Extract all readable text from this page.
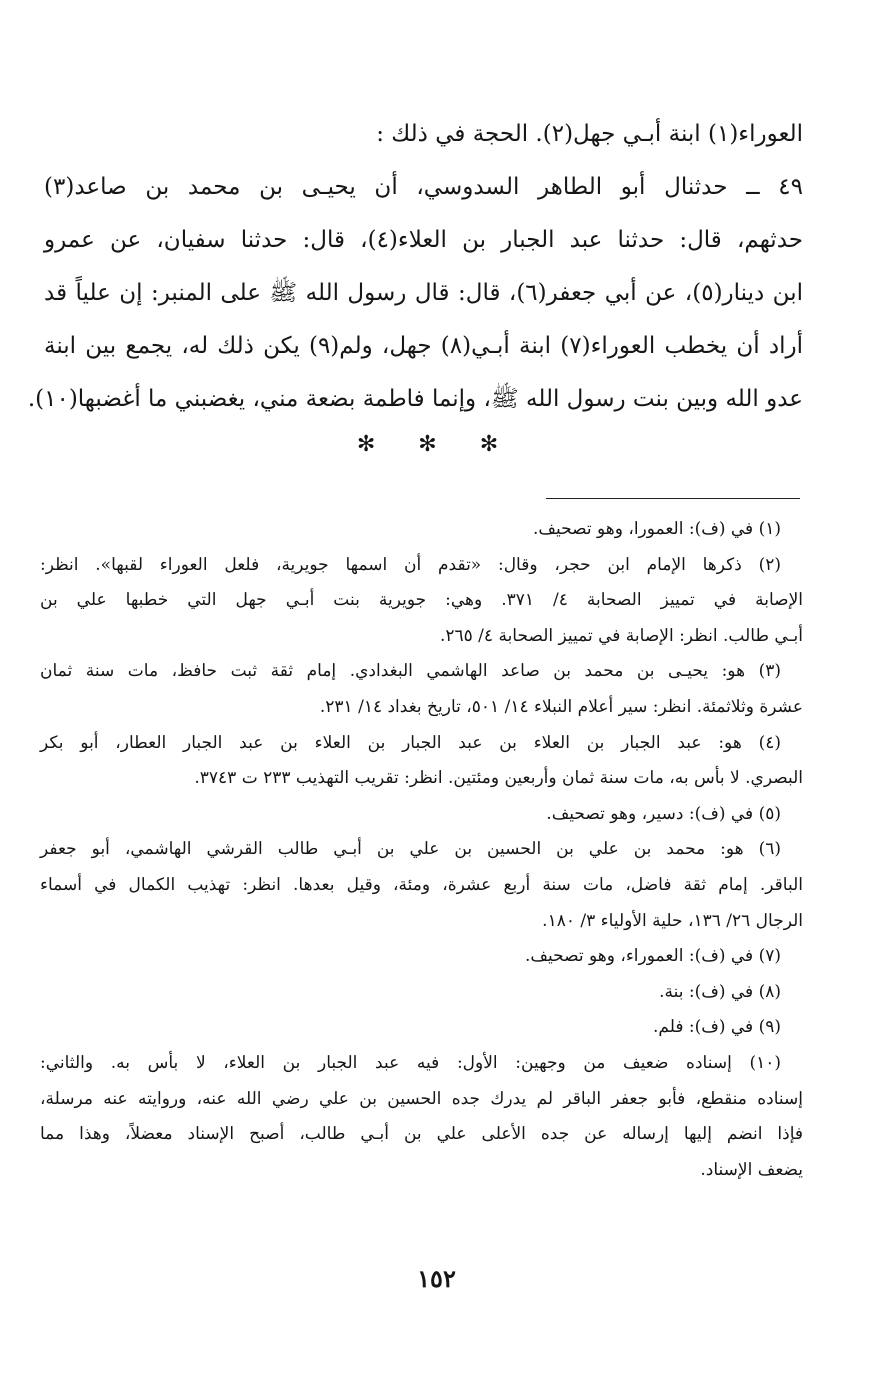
العوراء(١) ابنة أبـي جهل(٢). الحجة في ذلك :
٤٩ ــ حدثنال أبو الطاهر السدوسي، أن يحيـى بن محمد بن صاعد(٣)
حدثهم، قال: حدثنا عبد الجبار بن العلاء(٤)، قال: حدثنا سفيان، عن عمرو
ابن دينار(٥)، عن أبي جعفر(٦)، قال: قال رسول الله ﷺ على المنبر: إن علياً قد
أراد أن يخطب العوراء(٧) ابنة أبـي(٨) جهل، ولم(٩) يكن ذلك له، يجمع بين ابنة
عدو الله وبين بنت رسول الله ﷺ، وإنما فاطمة بضعة مني، يغضبني ما أغضبها(١٠).
✻ ✻ ✻
(١) في (ف): العمورا، وهو تصحيف.
(٢) ذكرها الإمام ابن حجر، وقال: «تقدم أن اسمها جويرية، فلعل العوراء لقبها». انظر:
الإصابة في تمييز الصحابة ٤/ ٣٧١. وهي: جويرية بنت أبـي جهل التي خطبها علي بن
أبـي طالب. انظر: الإصابة في تمييز الصحابة ٤/ ٢٦٥.
(٣) هو: يحيـى بن محمد بن صاعد الهاشمي البغدادي. إمام ثقة ثبت حافظ، مات سنة ثمان
عشرة وثلاثمئة. انظر: سير أعلام النبلاء ١٤/ ٥٠١، تاريخ بغداد ١٤/ ٢٣١.
(٤) هو: عبد الجبار بن العلاء بن عبد الجبار بن العلاء بن عبد الجبار العطار، أبو بكر
البصري. لا بأس به، مات سنة ثمان وأربعين ومئتين. انظر: تقريب التهذيب ٢٣٣ ت ٣٧٤٣.
(٥) في (ف): دسير، وهو تصحيف.
(٦) هو: محمد بن علي بن الحسين بن علي بن أبـي طالب القرشي الهاشمي، أبو جعفر
الباقر. إمام ثقة فاضل، مات سنة أربع عشرة، ومئة، وقيل بعدها. انظر: تهذيب الكمال في أسماء
الرجال ٢٦/ ١٣٦، حلية الأولياء ٣/ ١٨٠.
(٧) في (ف): العموراء، وهو تصحيف.
(٨) في (ف): بنة.
(٩) في (ف): فلم.
(١٠) إسناده ضعيف من وجهين: الأول: فيه عبد الجبار بن العلاء، لا بأس به. والثاني:
إسناده منقطع، فأبو جعفر الباقر لم يدرك جده الحسين بن علي رضي الله عنه، وروايته عنه مرسلة،
فإذا انضم إليها إرساله عن جده الأعلى علي بن أبـي طالب، أصبح الإسناد معضلاً، وهذا مما
يضعف الإسناد.
١٥٢
